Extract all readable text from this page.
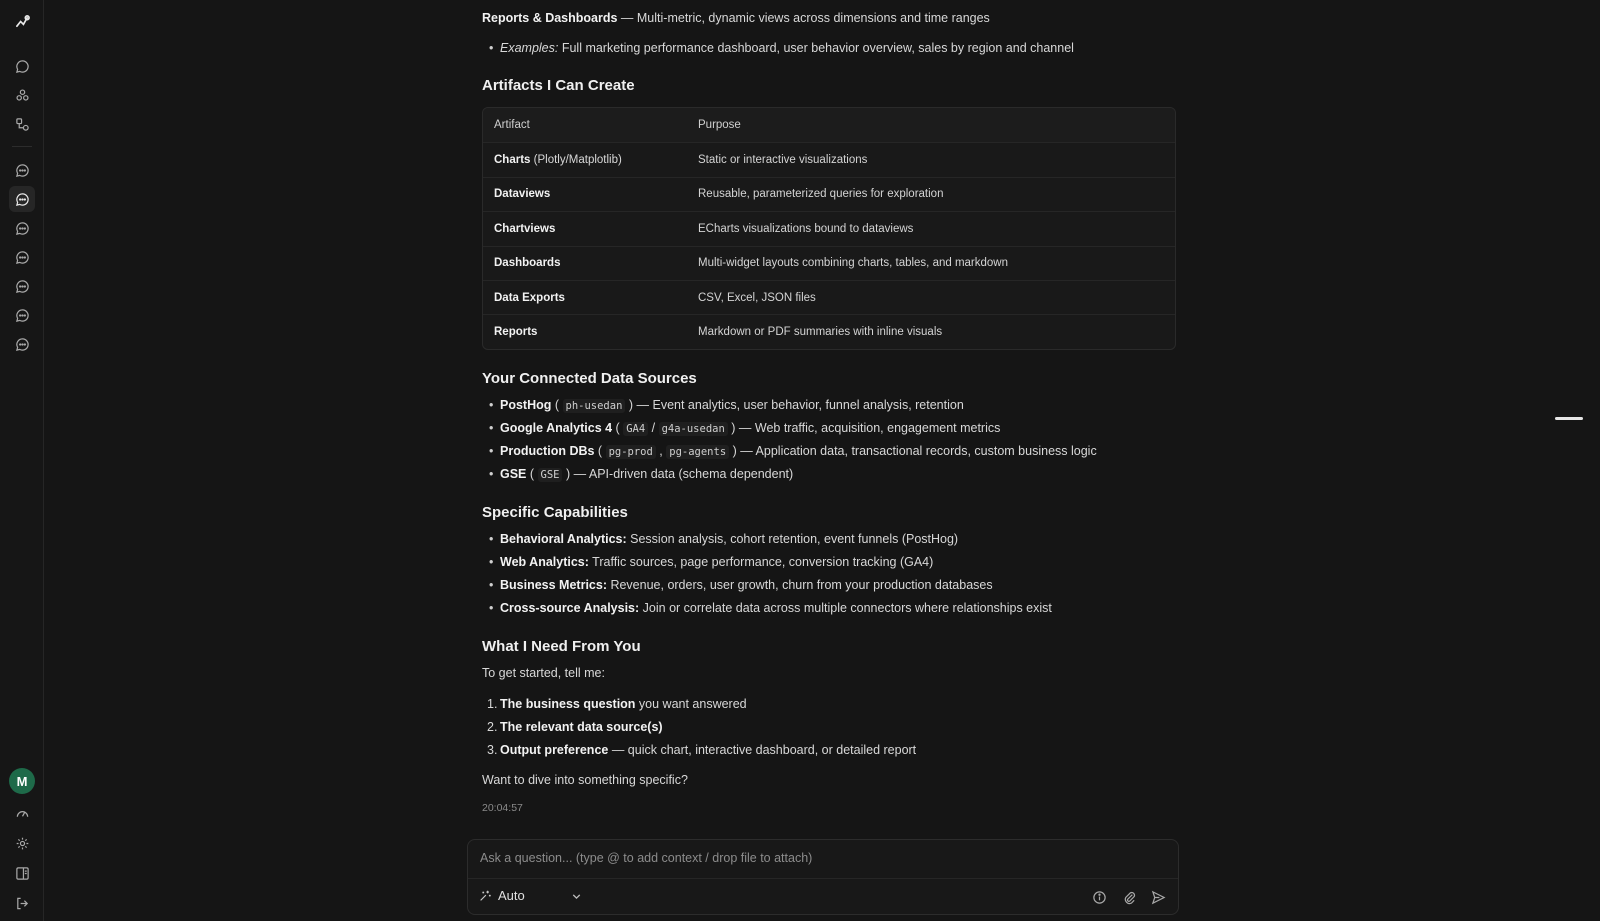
M
Reports & Dashboards — Multi-metric, dynamic views across dimensions and time ranges
• Examples: Full marketing performance dashboard, user behavior overview, sales by region and channel
Artifacts I Can Create
Artifact	Purpose
Charts (Plotly/Matplotlib)	Static or interactive visualizations
Dataviews	Reusable, parameterized queries for exploration
Chartviews	ECharts visualizations bound to dataviews
Dashboards	Multi-widget layouts combining charts, tables, and markdown
Data Exports	CSV, Excel, JSON files
Reports	Markdown or PDF summaries with inline visuals
Your Connected Data Sources
• PostHog ( ph-usedan ) — Event analytics, user behavior, funnel analysis, retention
• Google Analytics 4 ( GA4 / g4a-usedan ) — Web traffic, acquisition, engagement metrics
• Production DBs ( pg-prod , pg-agents ) — Application data, transactional records, custom business logic
• GSE ( GSE ) — API-driven data (schema dependent)
Specific Capabilities
• Behavioral Analytics: Session analysis, cohort retention, event funnels (PostHog)
• Web Analytics: Traffic sources, page performance, conversion tracking (GA4)
• Business Metrics: Revenue, orders, user growth, churn from your production databases
• Cross-source Analysis: Join or correlate data across multiple connectors where relationships exist
What I Need From You
To get started, tell me:
1. The business question you want answered
2. The relevant data source(s)
3. Output preference — quick chart, interactive dashboard, or detailed report
Want to dive into something specific?
20:04:57
Ask a question... (type @ to add context / drop file to attach)
Auto
